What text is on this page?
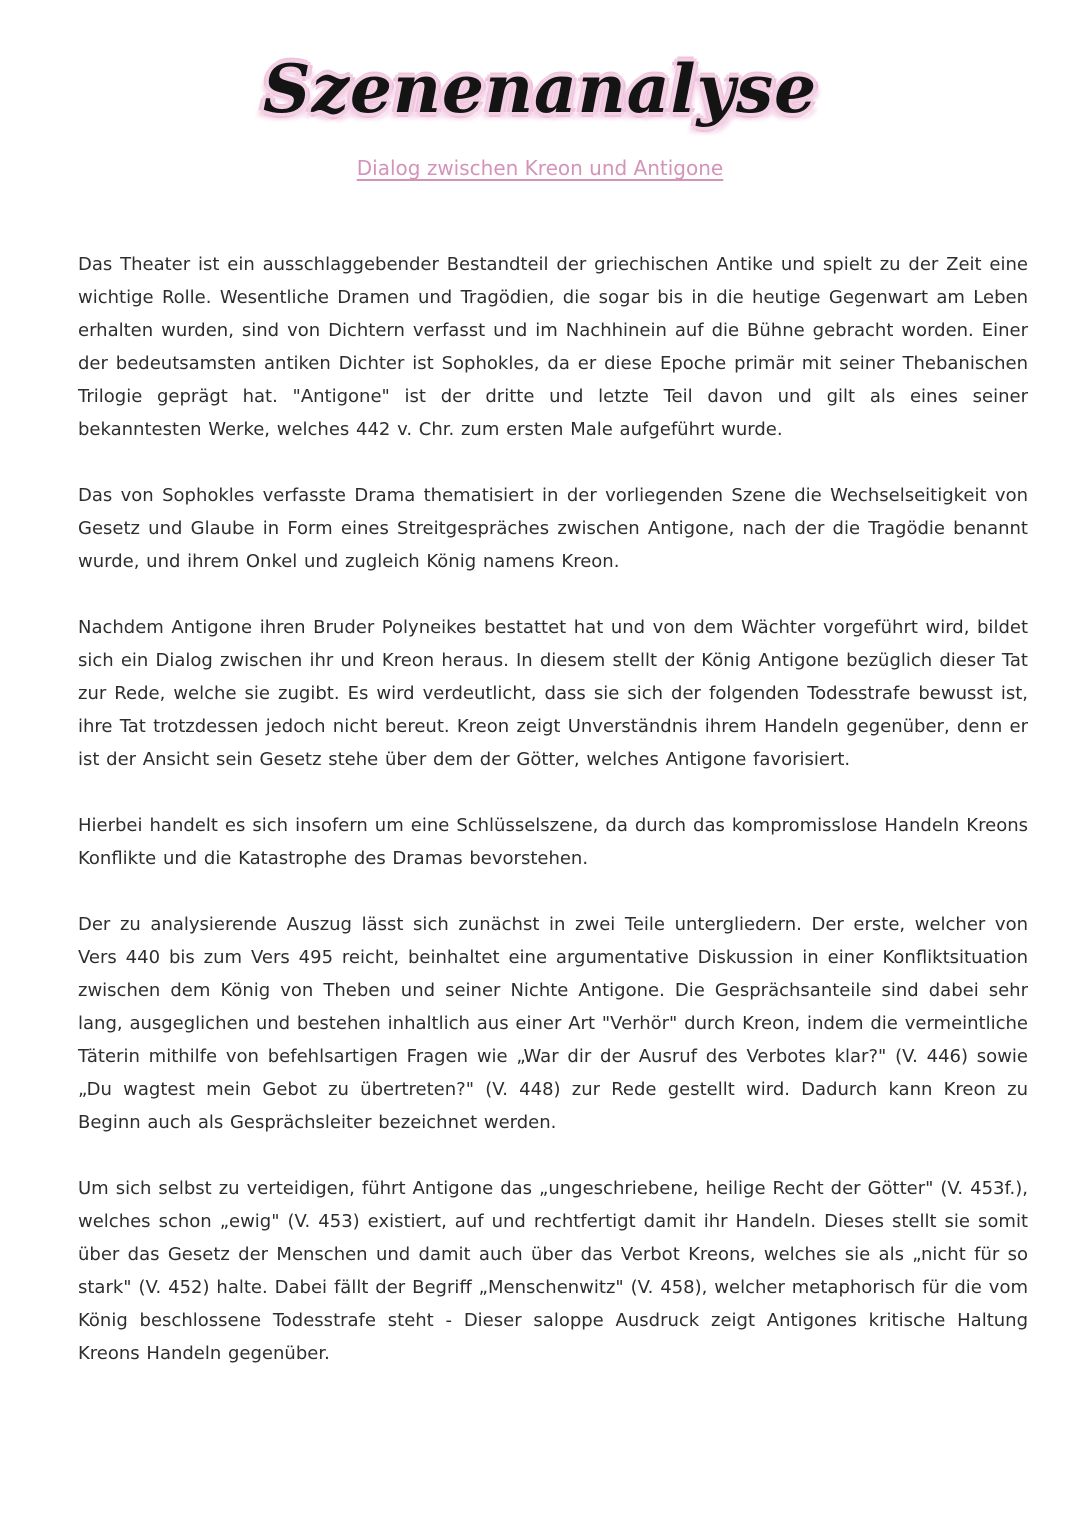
Szenenanalyse
Dialog zwischen Kreon und Antigone

Das Theater ist ein ausschlaggebender Bestandteil der griechischen Antike und spielt zu der Zeit eine wichtige Rolle. Wesentliche Dramen und Tragödien, die sogar bis in die heutige Gegenwart am Leben erhalten wurden, sind von Dichtern verfasst und im Nachhinein auf die Bühne gebracht worden. Einer der bedeutsamsten antiken Dichter ist Sophokles, da er diese Epoche primär mit seiner Thebanischen Trilogie geprägt hat. "Antigone" ist der dritte und letzte Teil davon und gilt als eines seiner bekanntesten Werke, welches 442 v. Chr. zum ersten Male aufgeführt wurde.

Das von Sophokles verfasste Drama thematisiert in der vorliegenden Szene die Wechselseitigkeit von Gesetz und Glaube in Form eines Streitgespräches zwischen Antigone, nach der die Tragödie benannt wurde, und ihrem Onkel und zugleich König namens Kreon.

Nachdem Antigone ihren Bruder Polyneikes bestattet hat und von dem Wächter vorgeführt wird, bildet sich ein Dialog zwischen ihr und Kreon heraus. In diesem stellt der König Antigone bezüglich dieser Tat zur Rede, welche sie zugibt. Es wird verdeutlicht, dass sie sich der folgenden Todesstrafe bewusst ist, ihre Tat trotzdessen jedoch nicht bereut. Kreon zeigt Unverständnis ihrem Handeln gegenüber, denn er ist der Ansicht sein Gesetz stehe über dem der Götter, welches Antigone favorisiert.

Hierbei handelt es sich insofern um eine Schlüsselszene, da durch das kompromisslose Handeln Kreons Konflikte und die Katastrophe des Dramas bevorstehen.

Der zu analysierende Auszug lässt sich zunächst in zwei Teile untergliedern. Der erste, welcher von Vers 440 bis zum Vers 495 reicht, beinhaltet eine argumentative Diskussion in einer Konfliktsituation zwischen dem König von Theben und seiner Nichte Antigone. Die Gesprächsanteile sind dabei sehr lang, ausgeglichen und bestehen inhaltlich aus einer Art "Verhör" durch Kreon, indem die vermeintliche Täterin mithilfe von befehlsartigen Fragen wie „War dir der Ausruf des Verbotes klar?" (V. 446) sowie „Du wagtest mein Gebot zu übertreten?" (V. 448) zur Rede gestellt wird. Dadurch kann Kreon zu Beginn auch als Gesprächsleiter bezeichnet werden.

Um sich selbst zu verteidigen, führt Antigone das „ungeschriebene, heilige Recht der Götter" (V. 453f.), welches schon „ewig" (V. 453) existiert, auf und rechtfertigt damit ihr Handeln. Dieses stellt sie somit über das Gesetz der Menschen und damit auch über das Verbot Kreons, welches sie als „nicht für so stark" (V. 452) halte. Dabei fällt der Begriff „Menschenwitz" (V. 458), welcher metaphorisch für die vom König beschlossene Todesstrafe steht - Dieser saloppe Ausdruck zeigt Antigones kritische Haltung Kreons Handeln gegenüber.
